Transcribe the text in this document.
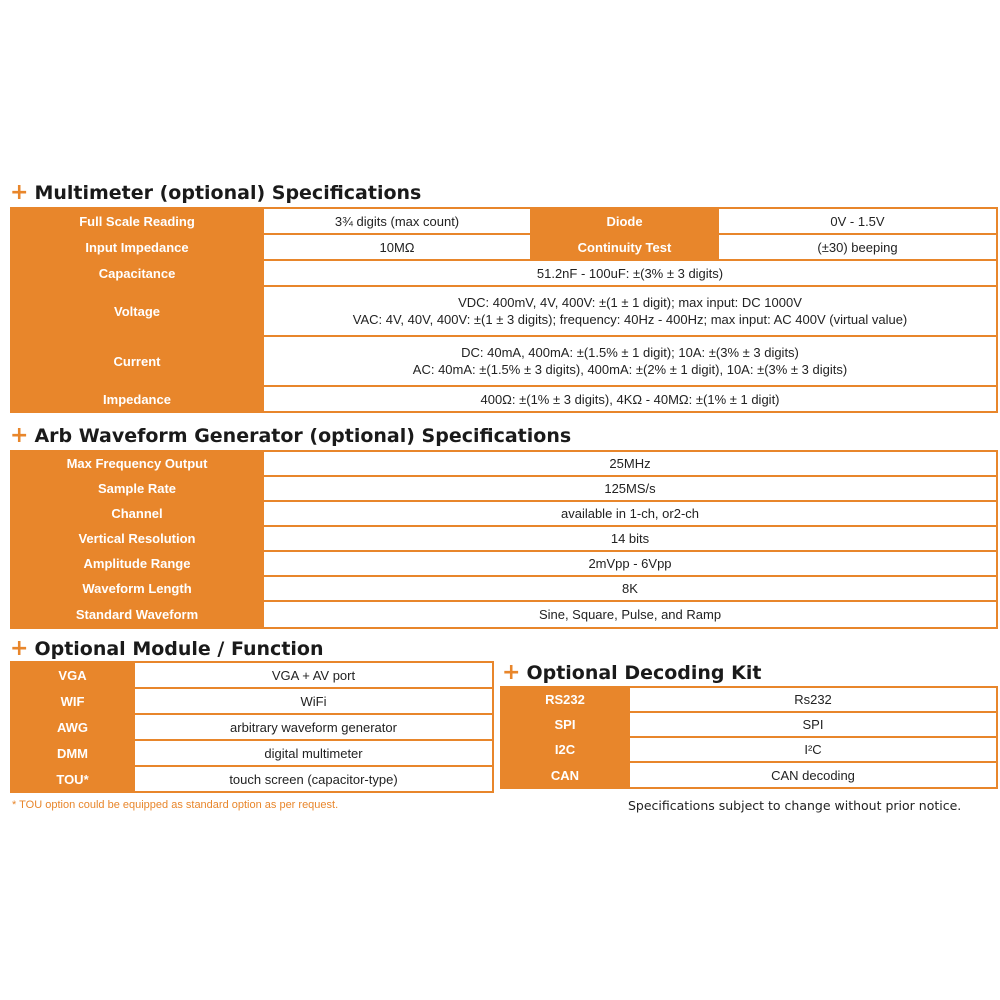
+ Multimeter (optional) Specifications
Full Scale Reading	3¾ digits (max count)	Diode	0V - 1.5V
Input Impedance	10MΩ	Continuity Test	(±30) beeping
Capacitance	51.2nF - 100uF: ±(3% ± 3 digits)		
Voltage	VDC: 400mV, 4V, 400V: ±(1 ± 1 digit); max input: DC 1000V
VAC: 4V, 40V, 400V: ±(1 ± 3 digits); frequency: 40Hz - 400Hz; max input: AC 400V (virtual value)		

Current	DC: 40mA, 400mA: ±(1.5% ± 1 digit); 10A: ±(3% ± 3 digits)
AC: 40mA: ±(1.5% ± 3 digits), 400mA: ±(2% ± 1 digit), 10A: ±(3% ± 3 digits)		

Impedance	400Ω: ±(1% ± 3 digits), 4KΩ - 40MΩ: ±(1% ± 1 digit)		
+ Arb Waveform Generator (optional) Specifications
Max Frequency Output	25MHz
Sample Rate	125MS/s
Channel	available in 1-ch, or2-ch
Vertical Resolution	14 bits
Amplitude Range	2mVpp - 6Vpp
Waveform Length	8K
Standard Waveform	Sine, Square, Pulse, and Ramp
+ Optional Module / Function
VGA	VGA + AV port
WIF	WiFi
AWG	arbitrary waveform generator
DMM	digital multimeter
TOU*	touch screen (capacitor-type)
+ Optional Decoding Kit
RS232	Rs232
SPI	SPI
I2C	I²C
CAN	CAN decoding
* TOU option could be equipped as standard option as per request.	Specifications subject to change without prior notice.
